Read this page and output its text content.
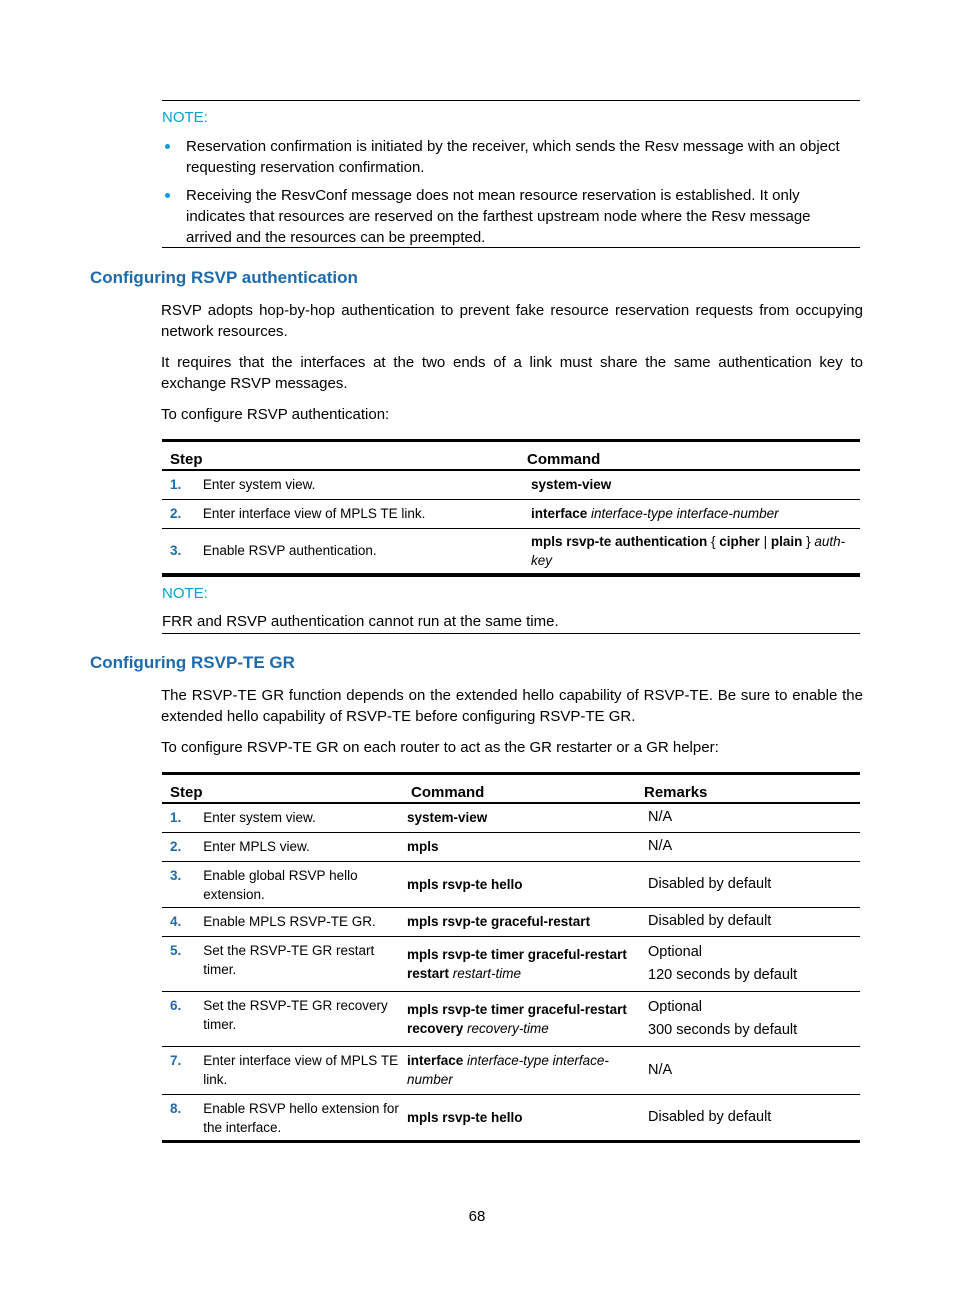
NOTE:
Reservation confirmation is initiated by the receiver, which sends the Resv message with an object requesting reservation confirmation.
Receiving the ResvConf message does not mean resource reservation is established. It only indicates that resources are reserved on the farthest upstream node where the Resv message arrived and the resources can be preempted.
Configuring RSVP authentication

RSVP adopts hop-by-hop authentication to prevent fake resource reservation requests from occupying network resources.

It requires that the interfaces at the two ends of a link must share the same authentication key to exchange RSVP messages.

To configure RSVP authentication:

Step		Command
1.	Enter system view.	system-view
2.	Enter interface view of MPLS TE link.	interface interface-type interface-number
3.	Enable RSVP authentication.	mpls rsvp-te authentication { cipher | plain } auth-key
NOTE:
FRR and RSVP authentication cannot run at the same time.
Configuring RSVP-TE GR

The RSVP-TE GR function depends on the extended hello capability of RSVP-TE. Be sure to enable the extended hello capability of RSVP-TE before configuring RSVP-TE GR.

To configure RSVP-TE GR on each router to act as the GR restarter or a GR helper:

Step		Command	Remarks
1.	Enter system view.	system-view	N/A

2.	Enter MPLS view.	mpls	N/A

3.	Enable global RSVP hello extension.	mpls rsvp-te hello	Disabled by default

4.	Enable MPLS RSVP-TE GR.	mpls rsvp-te graceful-restart	Disabled by default

5.	Set the RSVP-TE GR restart timer.	mpls rsvp-te timer graceful-restart restart restart-time	Optional
120 seconds by default

6.	Set the RSVP-TE GR recovery timer.	mpls rsvp-te timer graceful-restart recovery recovery-time	Optional
300 seconds by default

7.	Enter interface view of MPLS TE link.	interface interface-type interface-number	N/A

8.	Enable RSVP hello extension for the interface.	mpls rsvp-te hello	Disabled by default
68
